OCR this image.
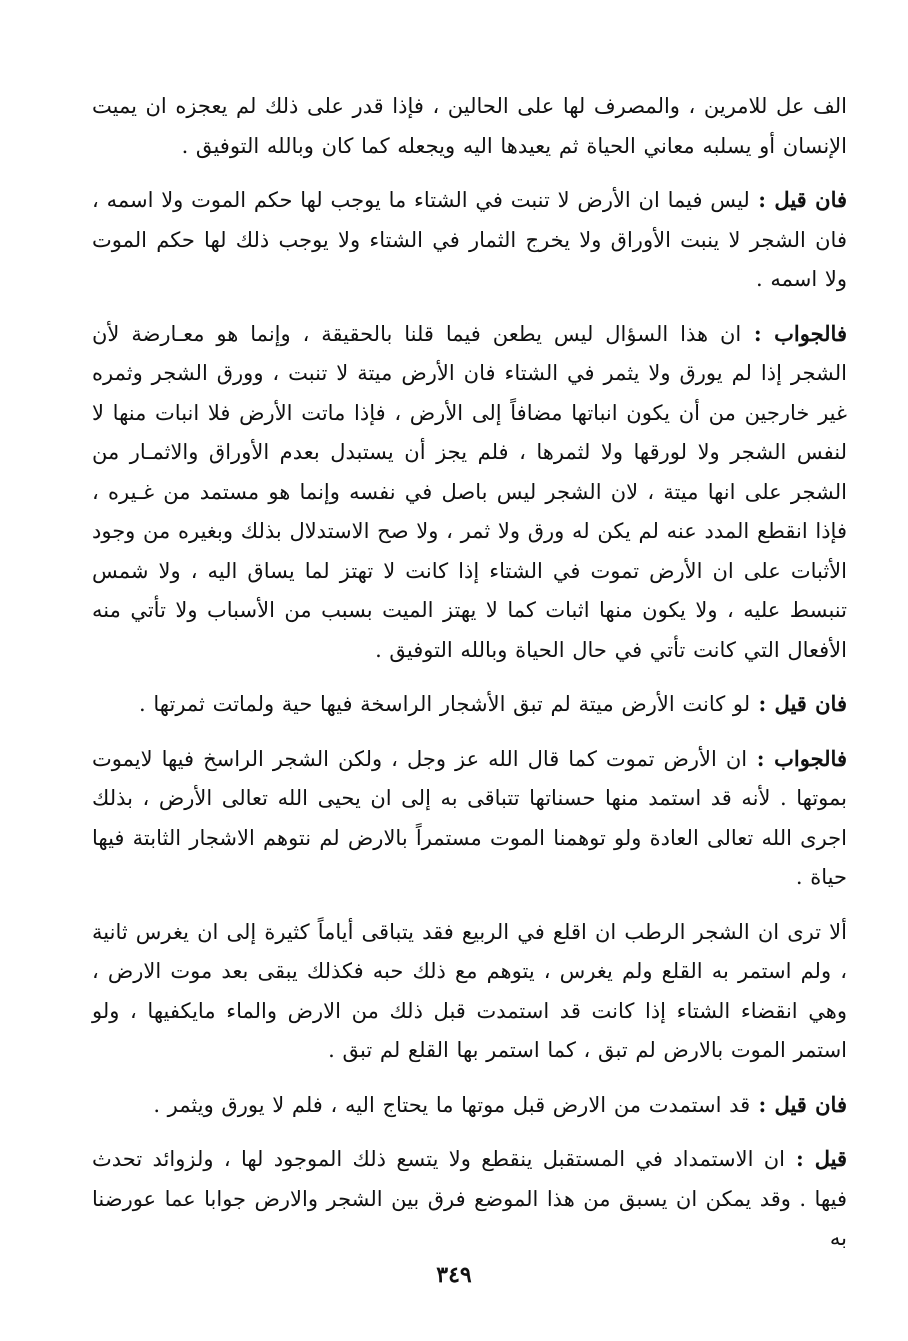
الف عل للامرين ، والمصرف لها على الحالين ، فإذا قدر على ذلك لم يعجزه ان يميت الإنسان أو يسلبه معاني الحياة ثم يعيدها اليه ويجعله كما كان وبالله التوفيق .

فان قيل : ليس فيما ان الأرض لا تنبت في الشتاء ما يوجب لها حكم الموت ولا اسمه ، فان الشجر لا ينبت الأوراق ولا يخرج الثمار في الشتاء ولا يوجب ذلك لها حكم الموت ولا اسمه .

فالجواب : ان هذا السؤال ليس يطعن فيما قلنا بالحقيقة ، وإنما هو معـارضة لأن الشجر إذا لم يورق ولا يثمر في الشتاء فان الأرض ميتة لا تنبت ، وورق الشجر وثمره غير خارجين من أن يكون انباتها مضافاً إلى الأرض ، فإذا ماتت الأرض فلا انبات منها لا لنفس الشجر ولا لورقها ولا لثمرها ، فلم يجز أن يستبدل بعدم الأوراق والاثمـار من الشجر على انها ميتة ، لان الشجر ليس باصل في نفسه وإنما هو مستمد من غـيره ، فإذا انقطع المدد عنه لم يكن له ورق ولا ثمر ، ولا صح الاستدلال بذلك وبغيره من وجود الأثبات على ان الأرض تموت في الشتاء إذا كانت لا تهتز لما يساق اليه ، ولا شمس تنبسط عليه ، ولا يكون منها اثبات كما لا يهتز الميت بسبب من الأسباب ولا تأتي منه الأفعال التي كانت تأتي في حال الحياة وبالله التوفيق .

فان قيل : لو كانت الأرض ميتة لم تبق الأشجار الراسخة فيها حية ولماتت ثمرتها .

فالجواب : ان الأرض تموت كما قال الله عز وجل ، ولكن الشجر الراسخ فيها لايموت بموتها . لأنه قد استمد منها حسناتها تتباقى به إلى ان يحيى الله تعالى الأرض ، بذلك اجرى الله تعالى العادة ولو توهمنا الموت مستمراً بالارض لم نتوهم الاشجار الثابتة فيها حياة .

ألا ترى ان الشجر الرطب ان اقلع في الربيع فقد يتباقى أياماً كثيرة إلى ان يغرس ثانية ، ولم استمر به القلع ولم يغرس ، يتوهم مع ذلك حبه فكذلك يبقى بعد موت الارض ، وهي انقضاء الشتاء إذا كانت قد استمدت قبل ذلك من الارض والماء مايكفيها ، ولو استمر الموت بالارض لم تبق ، كما استمر بها القلع لم تبق .

فان قيل : قد استمدت من الارض قبل موتها ما يحتاج اليه ، فلم لا يورق ويثمر .

قيل : ان الاستمداد في المستقبل ينقطع ولا يتسع ذلك الموجود لها ، ولزوائد تحدث فيها . وقد يمكن ان يسبق من هذا الموضع فرق بين الشجر والارض جوابا عما عورضنا به

٣٤٩
